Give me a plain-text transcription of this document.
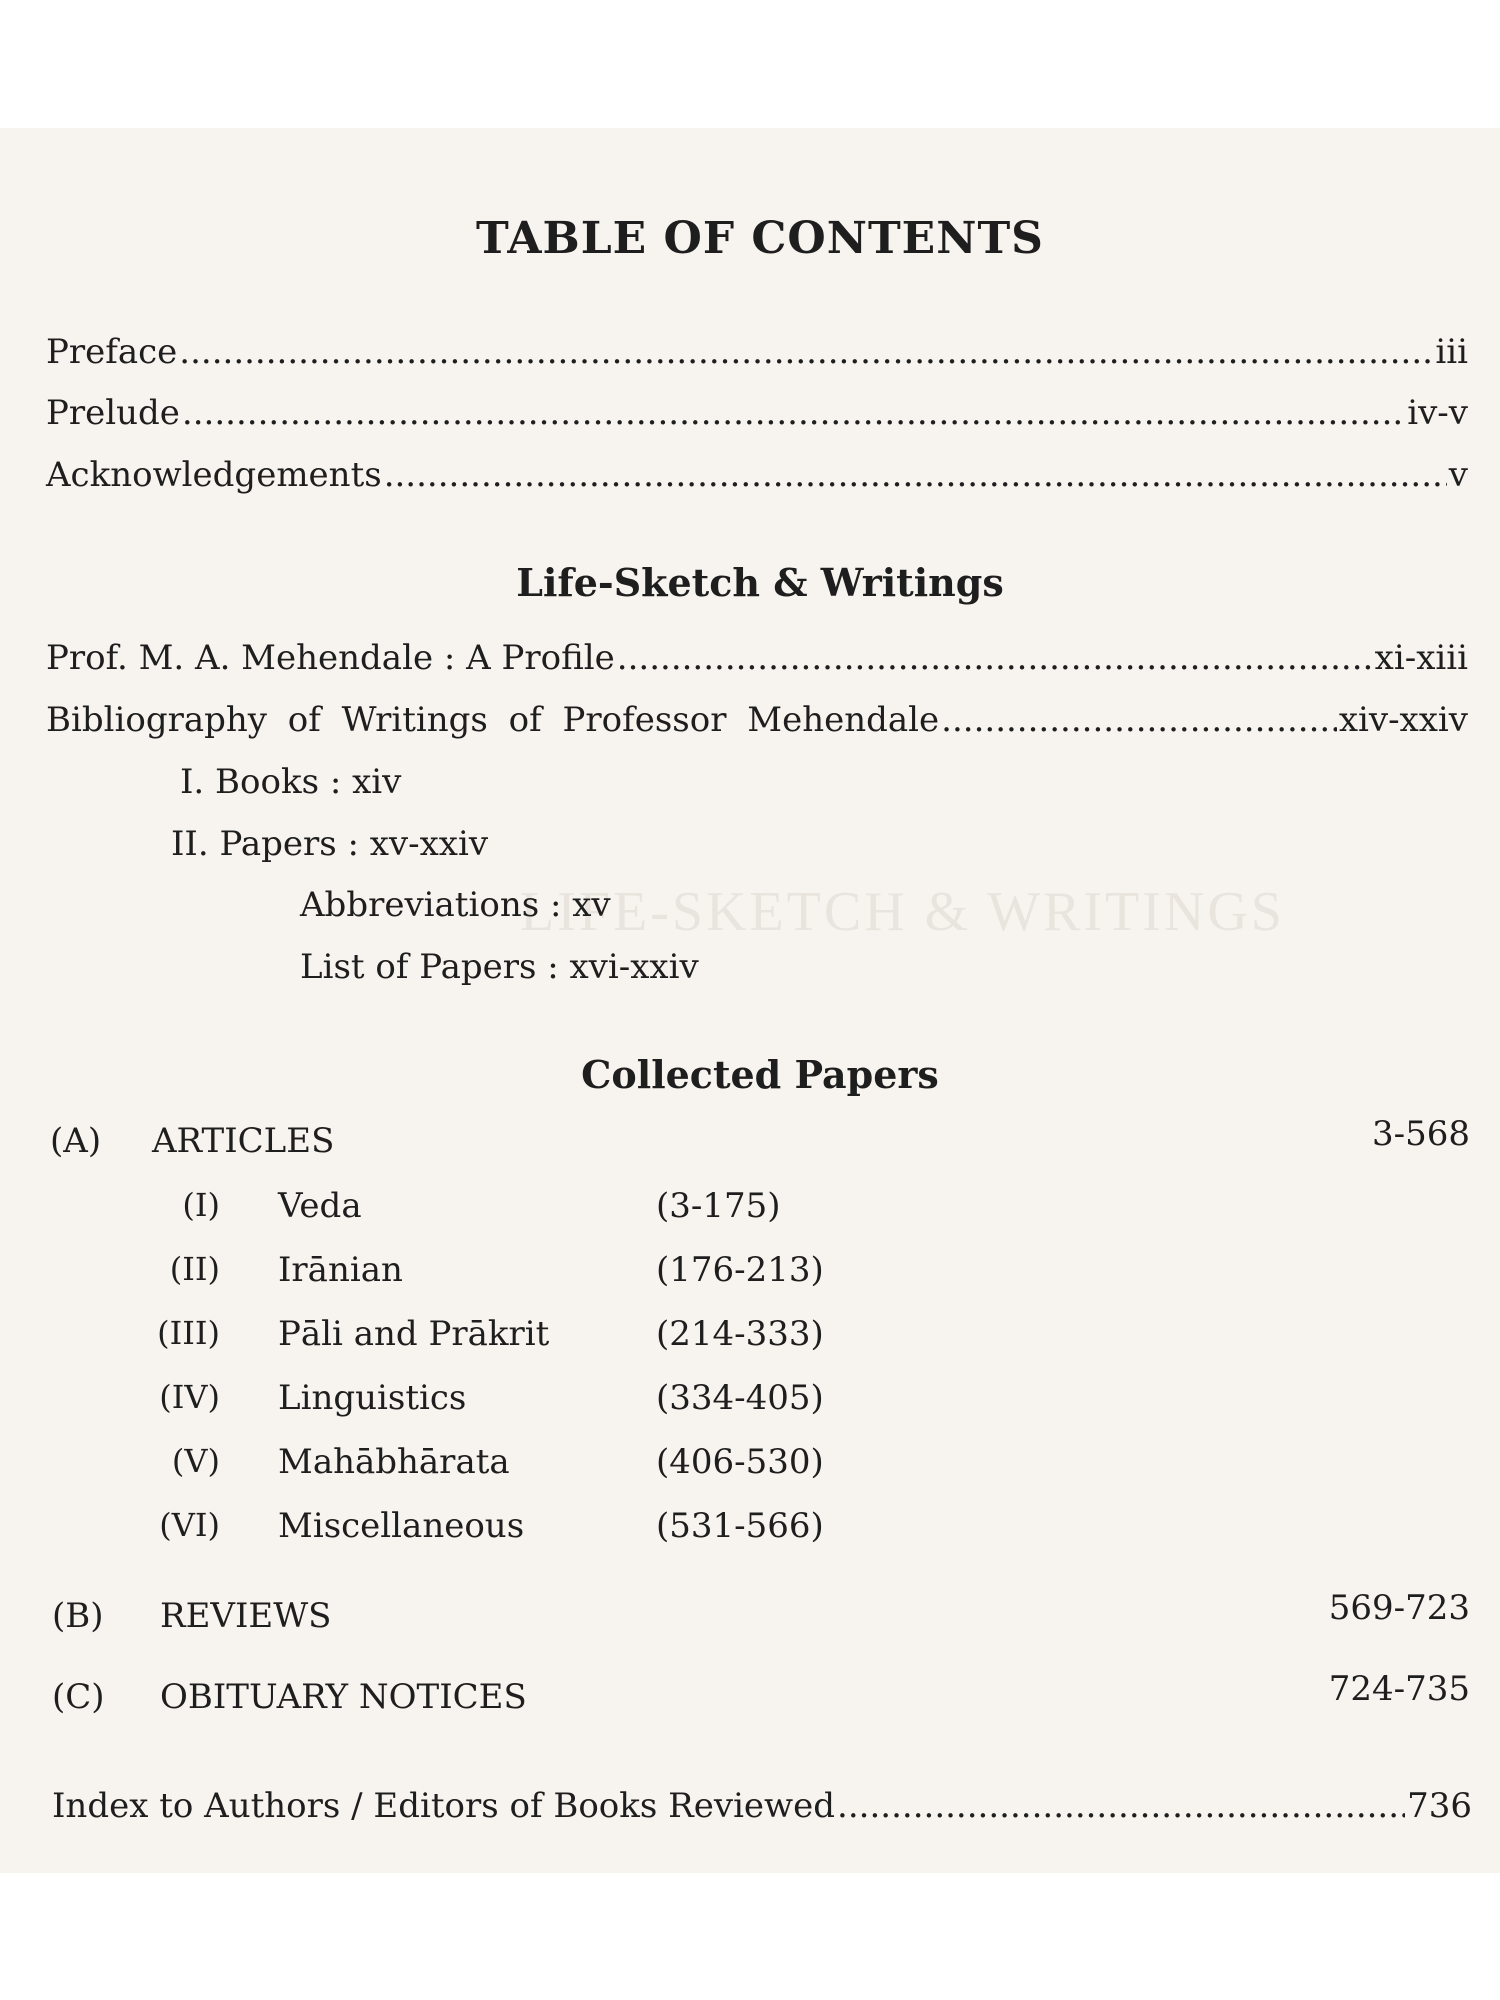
LIFE-SKETCH & WRITINGS
TABLE OF CONTENTS
Preface .....	iii
Prelude .....	iv-v
Acknowledgements .....	v
Life-Sketch & Writings
Prof. M. A. Mehendale : A Profile .....	xi-xiii
Bibliography of Writings of Professor Mehendale .....	xiv-xxiv
I. Books : xiv
II. Papers : xv-xxiv
Abbreviations : xv
List of Papers : xvi-xxiv
Collected Papers
(A) ARTICLES	3-568
(I) Veda	(3-175)
(II) Irānian	(176-213)
(III) Pāli and Prākrit	(214-333)
(IV) Linguistics	(334-405)
(V) Mahābhārata	(406-530)
(VI) Miscellaneous	(531-566)
(B) REVIEWS	569-723
(C) OBITUARY NOTICES	724-735
Index to Authors / Editors of Books Reviewed .....	736
